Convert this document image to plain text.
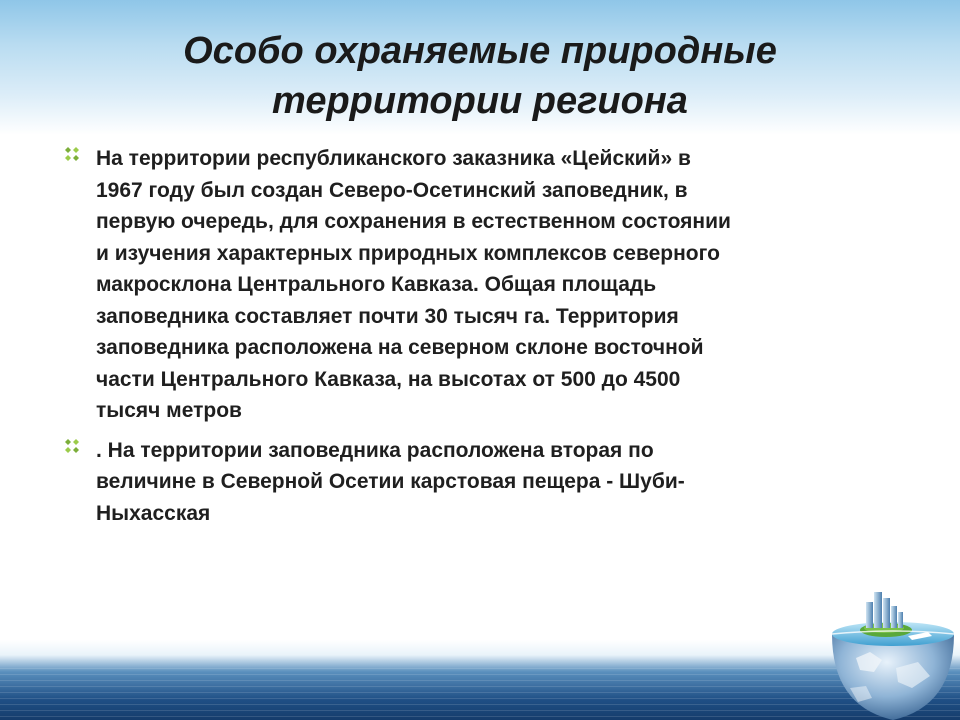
Особо охраняемые природные
территории региона
На территории республиканского заказника «Цейский» в
1967 году был создан Северо-Осетинский заповедник, в
первую очередь, для сохранения в естественном состоянии
и изучения характерных природных комплексов северного
макросклона Центрального Кавказа. Общая площадь
заповедника составляет почти 30 тысяч га. Территория
заповедника расположена на северном склоне восточной
части Центрального Кавказа, на высотах от 500 до 4500
тысяч метров
. На территории заповедника расположена вторая по
величине в Северной Осетии карстовая пещера - Шуби-
Ныхасская
